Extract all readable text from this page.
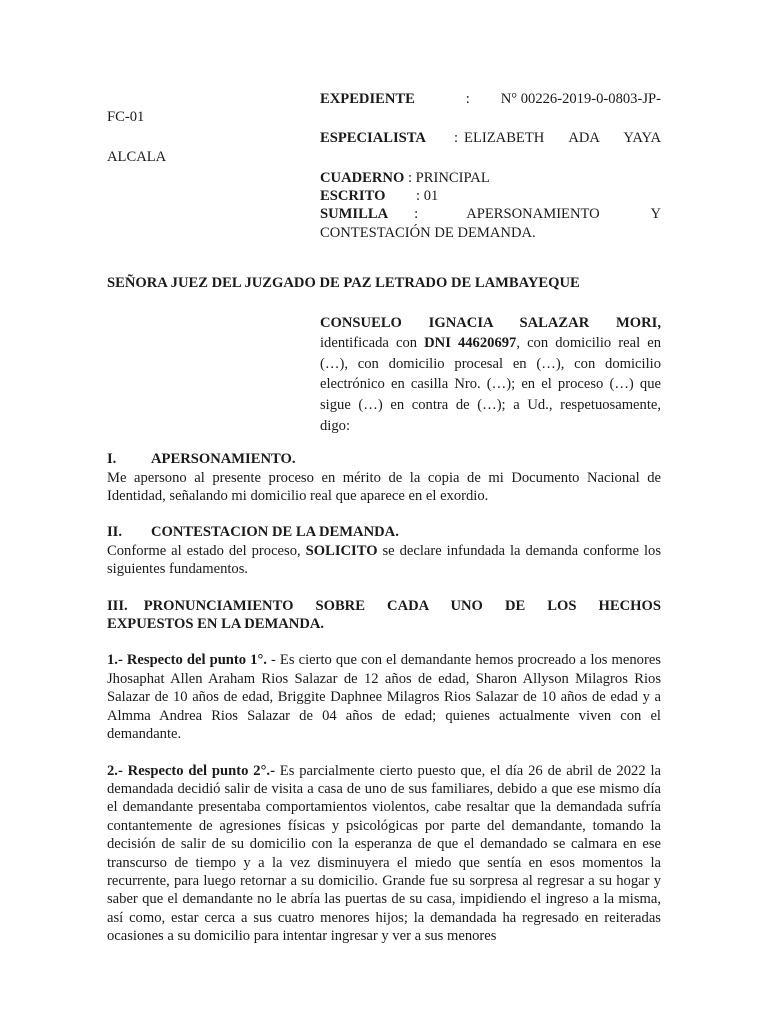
EXPEDIENTE	: N° 00226-2019-0-0803-JP-
FC-01
ESPECIALISTA : ELIZABETH ADA YAYA
ALCALA
CUADERNO : PRINCIPAL
ESCRITO : 01
SUMILLA :	APERSONAMIENTO Y
CONTESTACIÓN DE DEMANDA.
SEÑORA JUEZ DEL JUZGADO DE PAZ LETRADO DE LAMBAYEQUE

CONSUELO IGNACIA SALAZAR MORI,

identificada con DNI 44620697, con domicilio real en (…), con domicilio procesal en (…), con domicilio electrónico en casilla Nro. (…); en el proceso (…) que sigue (…) en contra de (…); a Ud., respetuosamente, digo:

I.	APERSONAMIENTO.

Me apersono al presente proceso en mérito de la copia de mi Documento Nacional de Identidad, señalando mi domicilio real que aparece en el exordio.

II.	CONTESTACION DE LA DEMANDA.

Conforme al estado del proceso, SOLICITO se declare infundada la demanda conforme los siguientes fundamentos.

III. PRONUNCIAMIENTO SOBRE CADA UNO DE LOS HECHOS
EXPUESTOS EN LA DEMANDA.

1.- Respecto del punto 1°. - Es cierto que con el demandante hemos procreado a los menores Jhosaphat Allen Araham Rios Salazar de 12 años de edad, Sharon Allyson Milagros Rios Salazar de 10 años de edad, Briggite Daphnee Milagros Rios Salazar de 10 años de edad y a Almma Andrea Rios Salazar de 04 años de edad; quienes actualmente viven con el demandante.

2.- Respecto del punto 2°.- Es parcialmente cierto puesto que, el día 26 de abril de 2022 la demandada decidió salir de visita a casa de uno de sus familiares, debido a que ese mismo día el demandante presentaba comportamientos violentos, cabe resaltar que la demandada sufría contantemente de agresiones físicas y psicológicas por parte del demandante, tomando la decisión de salir de su domicilio con la esperanza de que el demandado se calmara en ese transcurso de tiempo y a la vez disminuyera el miedo que sentía en esos momentos la recurrente, para luego retornar a su domicilio. Grande fue su sorpresa al regresar a su hogar y saber que el demandante no le abría las puertas de su casa, impidiendo el ingreso a la misma, así como, estar cerca a sus cuatro menores hijos; la demandada ha regresado en reiteradas ocasiones a su domicilio para intentar ingresar y ver a sus menores
